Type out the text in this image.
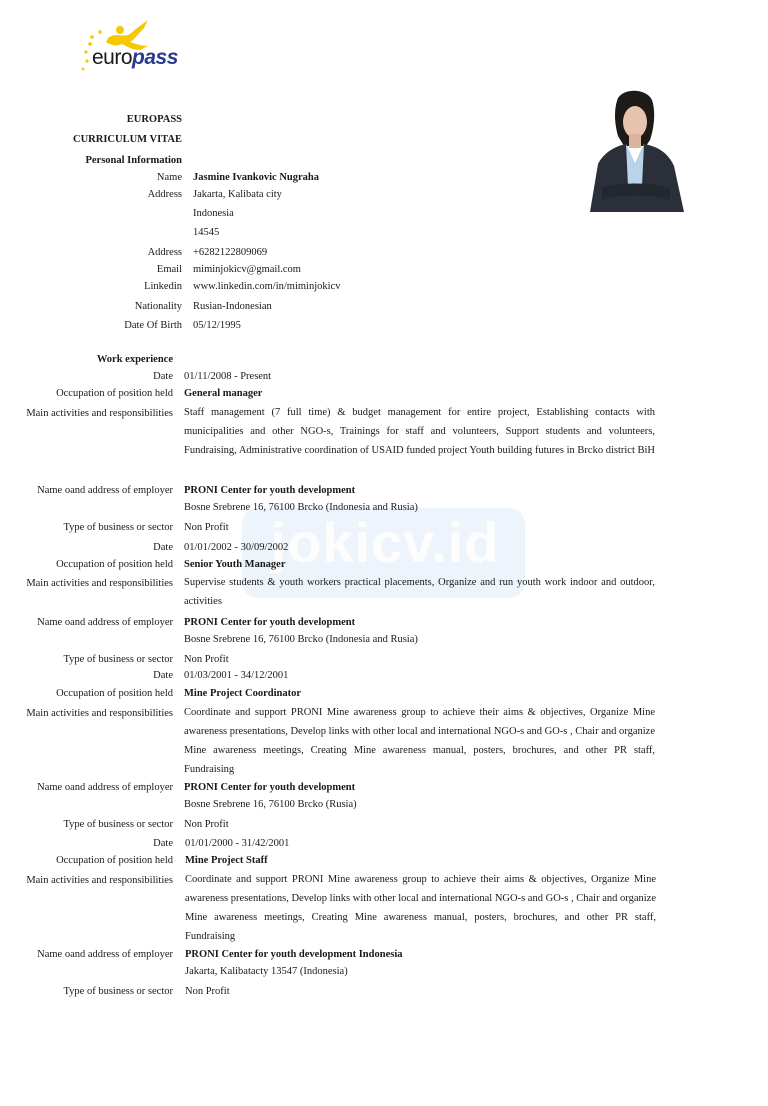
europass
jokicv.id
EUROPASS
CURRICULUM VITAE
Personal Information
Name Jasmine Ivankovic Nugraha
Address Jakarta, Kalibata city
Indonesia
14545
Address +6282122809069
Email miminjokicv@gmail.com
Linkedin www.linkedin.com/in/miminjokicv
Nationality Rusian-Indonesian
Date Of Birth 05/12/1995
Work experience
Date 01/11/2008 - Present
Occupation of position held General manager
Main activities and responsibilities Staff management (7 full time) & budget management for entire project, Establishing contacts with municipalities and other NGO-s, Trainings for staff and volunteers, Support students and volunteers, Fundraising, Administrative coordination of USAID funded project Youth building futures in Brcko district BiH
Name oand address of employer PRONI Center for youth development
Bosne Srebrene 16, 76100 Brcko (Indonesia and Rusia)
Type of business or sector Non Profit
Date 01/01/2002 - 30/09/2002
Occupation of position held Senior Youth Manager
Main activities and responsibilities Supervise students & youth workers practical placements, Organize and run youth work indoor and outdoor, activities
Name oand address of employer PRONI Center for youth development
Bosne Srebrene 16, 76100 Brcko (Indonesia and Rusia)
Type of business or sector Non Profit
Date 01/03/2001 - 34/12/2001
Occupation of position held Mine Project Coordinator
Main activities and responsibilities Coordinate and support PRONI Mine awareness group to achieve their aims & objectives, Organize Mine awareness presentations, Develop links with other local and international NGO-s and GO-s , Chair and organize Mine awareness meetings, Creating Mine awareness manual, posters, brochures, and other PR staff, Fundraising
Name oand address of employer PRONI Center for youth development
Bosne Srebrene 16, 76100 Brcko (Rusia)
Type of business or sector Non Profit
Date 01/01/2000 - 31/42/2001
Occupation of position held Mine Project Staff
Main activities and responsibilities Coordinate and support PRONI Mine awareness group to achieve their aims & objectives, Organize Mine awareness presentations, Develop links with other local and international NGO-s and GO-s , Chair and organize Mine awareness meetings, Creating Mine awareness manual, posters, brochures, and other PR staff, Fundraising
Name oand address of employer PRONI Center for youth development Indonesia
Jakarta, Kalibatacty 13547 (Indonesia)
Type of business or sector Non Profit
